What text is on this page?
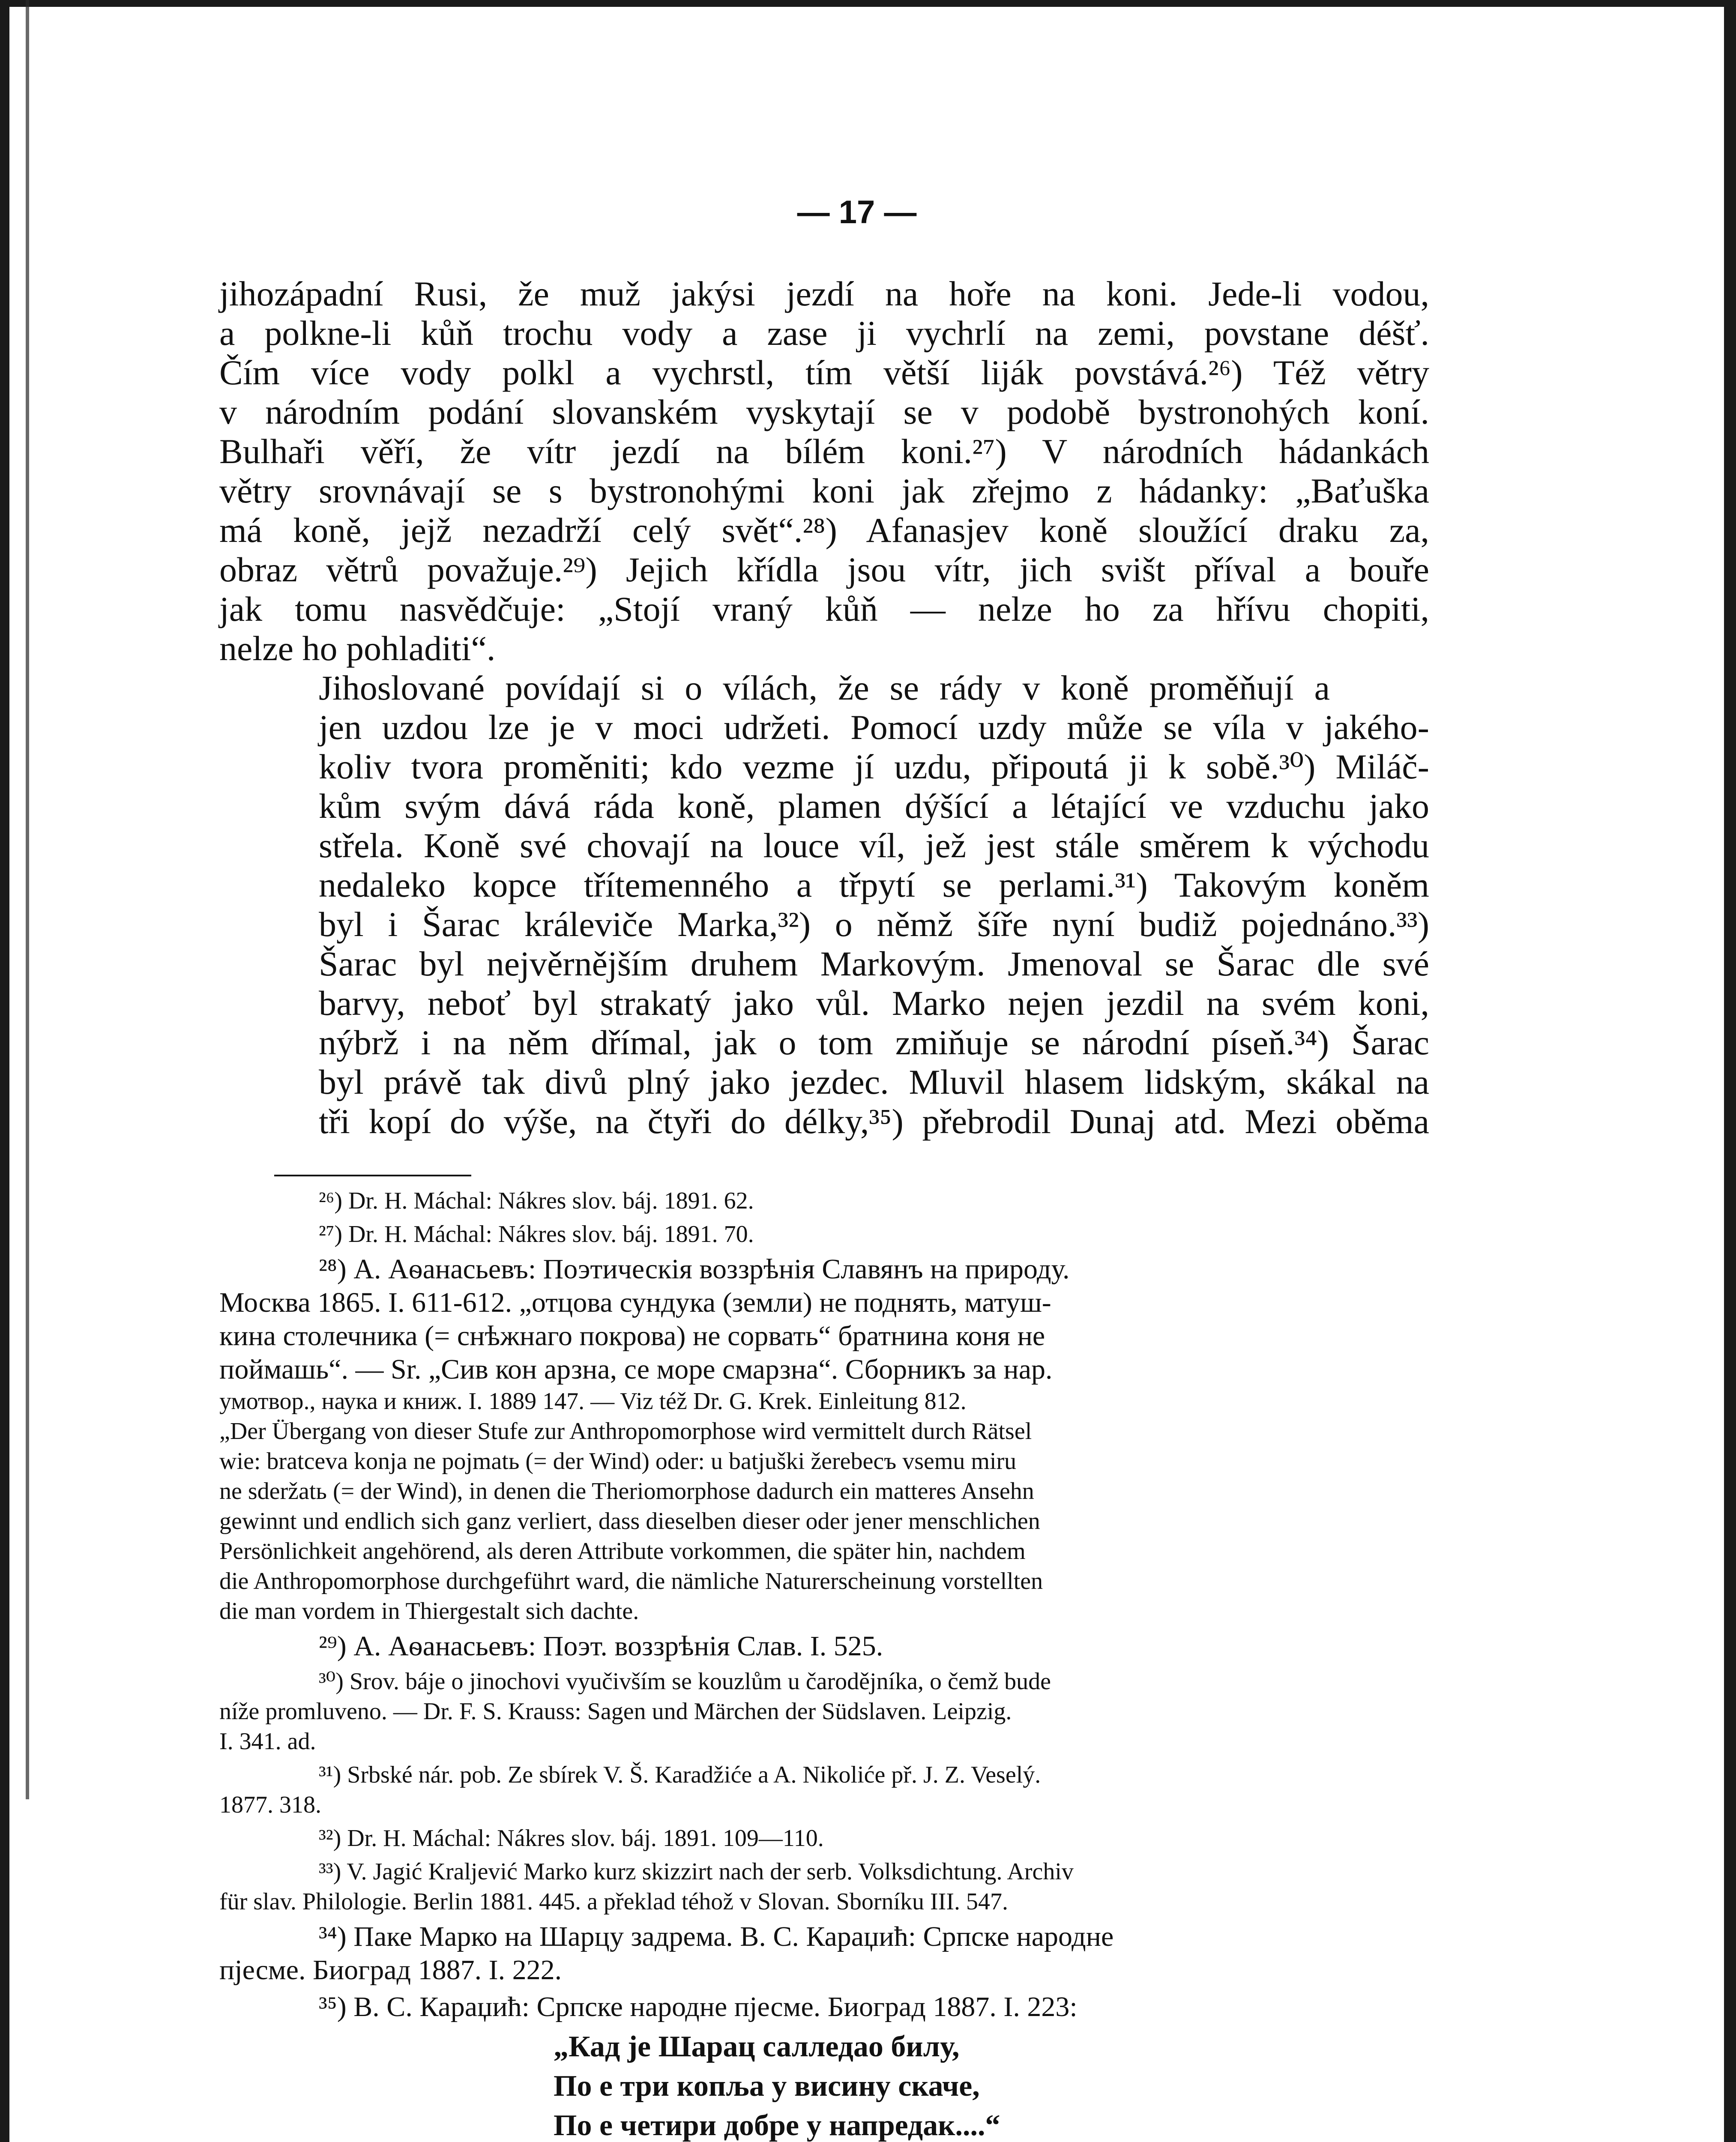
— 17 —

jihozápadní Rusi, že muž jakýsi jezdí na hoře na koni. Jede-li vodou,
a polkne-li kůň trochu vody a zase ji vychrlí na zemi, povstane déšť.
Čím více vody polkl a vychrstl, tím větší liják povstává.²⁶) Též větry
v národním podání slovanském vyskytají se v podobě bystronohých koní.
Bulhaři věří, že vítr jezdí na bílém koni.²⁷) V národních hádankách
větry srovnávají se s bystronohými koni jak zřejmo z hádanky: „Baťuška
má koně, jejž nezadrží celý svět“.²⁸) Afanasjev koně sloužící draku za,
obraz větrů považuje.²⁹) Jejich křídla jsou vítr, jich svišt příval a bouře
jak tomu nasvědčuje: „Stojí vraný kůň — nelze ho za hřívu chopiti,
nelze ho pohladiti“.

Jihoslované povídají si o vílách, že se rády v koně proměňují a
jen uzdou lze je v moci udržeti. Pomocí uzdy může se víla v jakého-
koliv tvora proměniti; kdo vezme jí uzdu, připoutá ji k sobě.³⁰) Miláč-
kům svým dává ráda koně, plamen dýšící a létající ve vzduchu jako
střela. Koně své chovají na louce víl, jež jest stále směrem k východu
nedaleko kopce třítemenného a třpytí se perlami.³¹) Takovým koněm
byl i Šarac králeviče Marka,³²) o němž šíře nyní budiž pojednáno.³³)
Šarac byl nejvěrnějším druhem Markovým. Jmenoval se Šarac dle své
barvy, neboť byl strakatý jako vůl. Marko nejen jezdil na svém koni,
nýbrž i na něm dřímal, jak o tom zmiňuje se národní píseň.³⁴) Šarac
byl právě tak divů plný jako jezdec. Mluvil hlasem lidským, skákal na
tři kopí do výše, na čtyři do délky,³⁵) přebrodil Dunaj atd. Mezi oběma

²⁶) Dr. H. Máchal: Nákres slov. báj. 1891. 62.

²⁷) Dr. H. Máchal: Nákres slov. báj. 1891. 70.

²⁸) А. Аѳанасьевъ: Поэтическія воззрѣнія Славянъ на природу.
Москва 1865. I. 611-612. „отцова сундука (земли) не поднять, матуш-
кина столечника (= снѣжнаго покрова) не сорвать“ братнина коня не
поймашь“. — Sr. „Сив кон арзна, се море смарзна“. Сборникъ за нар.
умотвор., наука и книж. I. 1889 147. — Viz též Dr. G. Krek. Einleitung 812.
„Der Übergang von dieser Stufe zur Anthropomorphose wird vermittelt durch Rätsel
wie: bratceva konja ne pojmatь (= der Wind) oder: u batjuški žerebecъ vsemu miru
ne sderžatь (= der Wind), in denen die Theriomorphose dadurch ein matteres Ansehn
gewinnt und endlich sich ganz verliert, dass dieselben dieser oder jener menschlichen
Persönlichkeit angehörend, als deren Attribute vorkommen, die später hin, nachdem
die Anthropomorphose durchgeführt ward, die nämliche Naturerscheinung vorstellten
die man vordem in Thiergestalt sich dachte.

²⁹) А. Аѳанасьевъ: Поэт. воззрѣнія Слав. I. 525.

³⁰) Srov. báje o jinochovi vyučivším se kouzlům u čarodějníka, o čemž bude
níže promluveno. — Dr. F. S. Krauss: Sagen und Märchen der Südslaven. Leipzig.
I. 341. ad.
³¹) Srbské nár. pob. Ze sbírek V. Š. Karadžiće a A. Nikoliće př. J. Z. Veselý.
1877. 318.

³²) Dr. H. Máchal: Nákres slov. báj. 1891. 109—110.

³³) V. Jagić Kraljević Marko kurz skizzirt nach der serb. Volksdichtung. Archiv
für slav. Philologie. Berlin 1881. 445. a překlad téhož v Slovan. Sborníku III. 547.
³⁴) Паке Марко на Шарцу задрема. В. С. Караџић: Српске народне
пјесме. Биоград 1887. I. 222.

³⁵) В. С. Караџић: Српске народне пјесме. Биоград 1887. I. 223:

„Кад је Шарац салледао билу,
По е три копља у висину скаче,
По е четири добре у напредак....“
